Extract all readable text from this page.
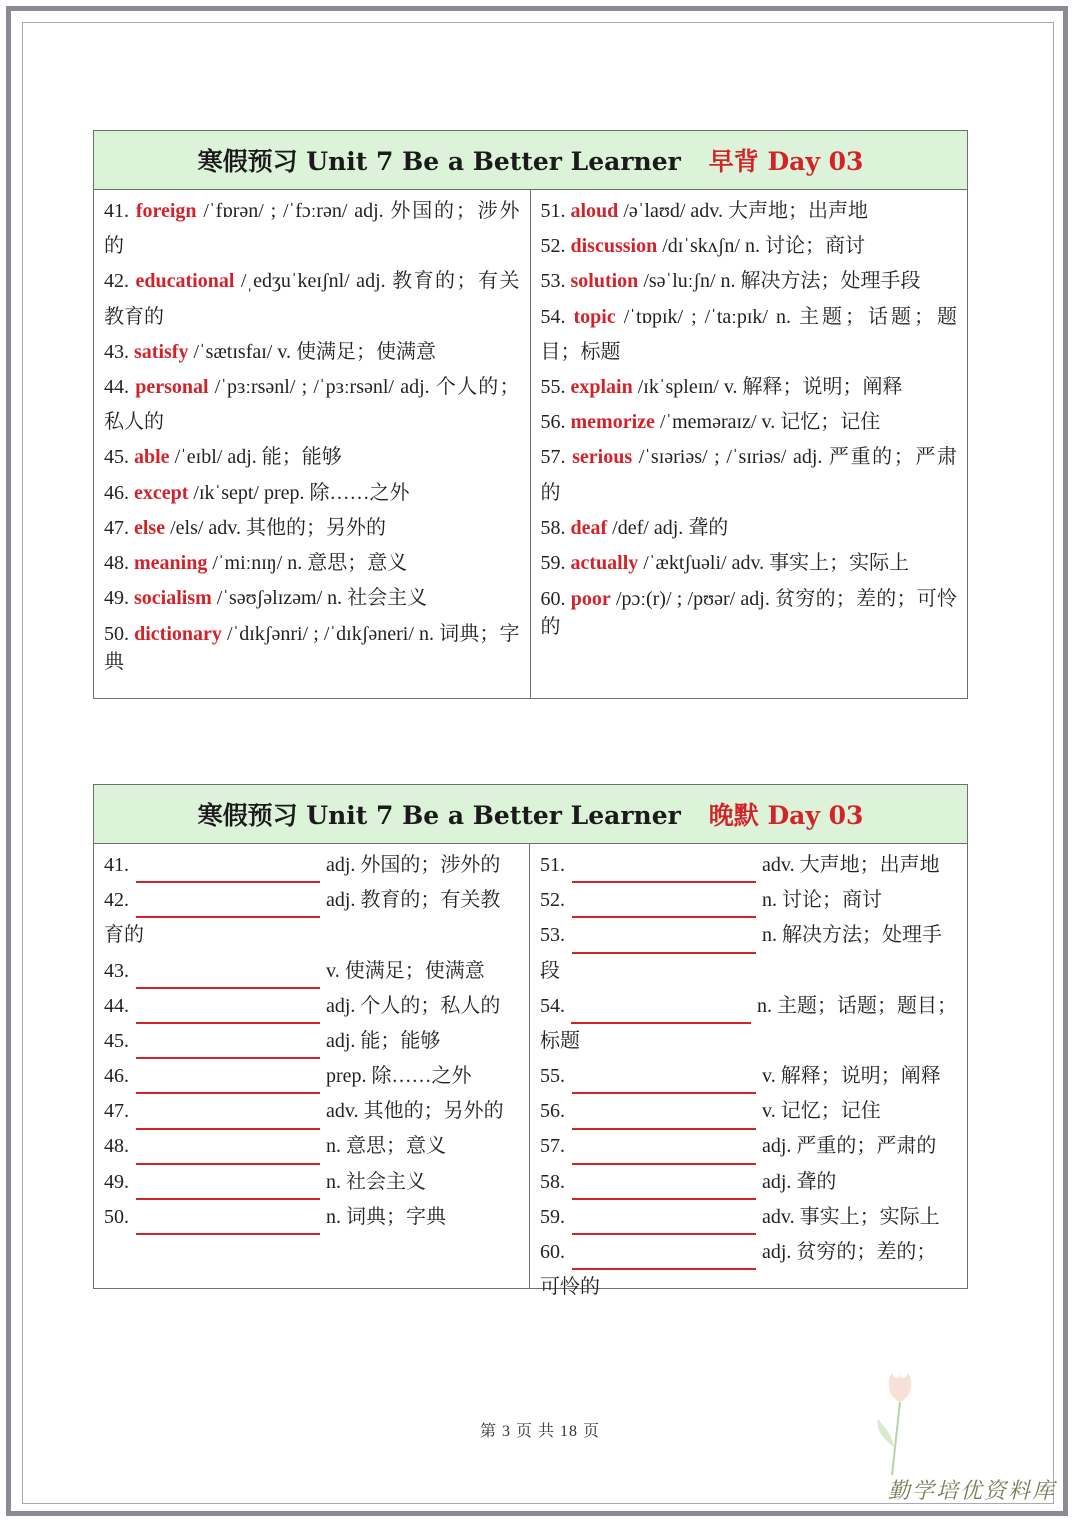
寒假预习 Unit 7 Be a Better Learner 早背 Day 03
41. foreign /ˈfɒrən/ ; /ˈfɔːrən/ adj. 外国的；涉外的
42. educational /ˌedʒuˈkeɪʃnl/ adj. 教育的；有关教育的
43. satisfy /ˈsætɪsfaɪ/ v. 使满足；使满意
44. personal /ˈpɜːrsənl/ ; /ˈpɜːrsənl/ adj. 个人的；私人的
45. able /ˈeɪbl/ adj. 能；能够
46. except /ɪkˈsept/ prep. 除……之外
47. else /els/ adv. 其他的；另外的
48. meaning /ˈmiːnɪŋ/ n. 意思；意义
49. socialism /ˈsəʊʃəlɪzəm/ n. 社会主义
50. dictionary /ˈdɪkʃənri/ ; /ˈdɪkʃəneri/ n. 词典；字典
51. aloud /əˈlaʊd/ adv. 大声地；出声地
52. discussion /dɪˈskʌʃn/ n. 讨论；商讨
53. solution /səˈluːʃn/ n. 解决方法；处理手段
54. topic /ˈtɒpɪk/ ; /ˈtaːpɪk/ n. 主题；话题；题目；标题
55. explain /ɪkˈspleɪn/ v. 解释；说明；阐释
56. memorize /ˈmeməraɪz/ v. 记忆；记住
57. serious /ˈsɪəriəs/ ; /ˈsɪriəs/ adj. 严重的；严肃的
58. deaf /def/ adj. 聋的
59. actually /ˈæktʃuəli/ adv. 事实上；实际上
60. poor /pɔː(r)/ ; /pʊər/ adj. 贫穷的；差的；可怜的
寒假预习 Unit 7 Be a Better Learner 晚默 Day 03
41.	adj. 外国的；涉外的
42.	adj. 教育的；有关教
育的
43.	v. 使满足；使满意
44.	adj. 个人的；私人的
45.	adj. 能；能够
46.	prep. 除……之外
47.	adv. 其他的；另外的
48.	n. 意思；意义
49.	n. 社会主义
50.	n. 词典；字典
51.	adv. 大声地；出声地
52.	n. 讨论；商讨
53.	n. 解决方法；处理手
段
54.	n. 主题；话题；题目；
标题
55.	v. 解释；说明；阐释
56.	v. 记忆；记住
57.	adj. 严重的；严肃的
58.	adj. 聋的
59.	adv. 事实上；实际上
60.	adj. 贫穷的；差的；
可怜的
第 3 页 共 18 页
勤学培优资料库
